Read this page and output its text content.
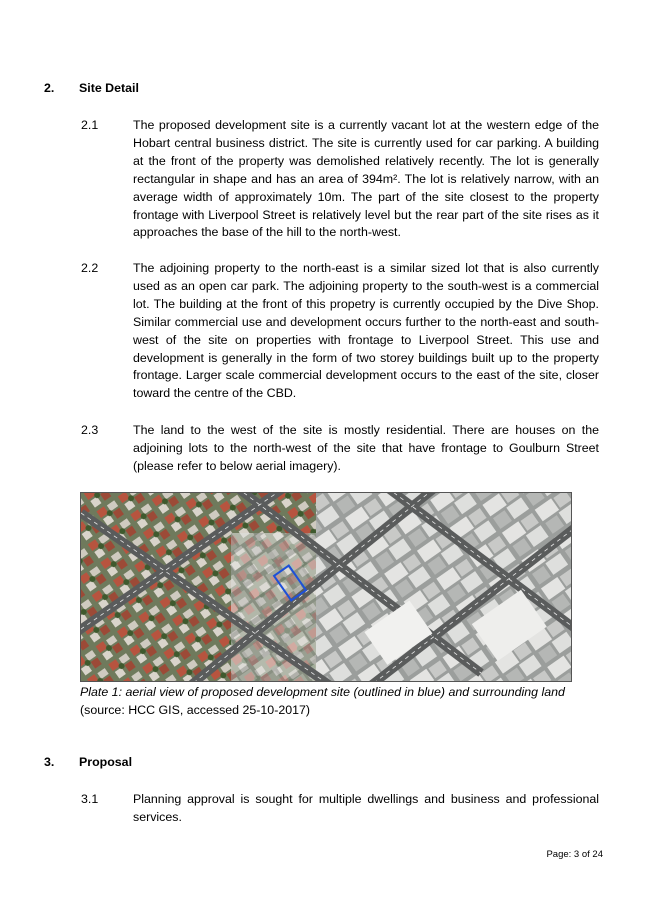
2. Site Detail
2.1	The proposed development site is a currently vacant lot at the western edge of the Hobart central business district. The site is currently used for car parking. A building at the front of the property was demolished relatively recently. The lot is generally rectangular in shape and has an area of 394m². The lot is relatively narrow, with an average width of approximately 10m. The part of the site closest to the property frontage with Liverpool Street is relatively level but the rear part of the site rises as it approaches the base of the hill to the north-west.
2.2	The adjoining property to the north-east is a similar sized lot that is also currently used as an open car park. The adjoining property to the south-west is a commercial lot. The building at the front of this propetry is currently occupied by the Dive Shop. Similar commercial use and development occurs further to the north-east and south-west of the site on properties with frontage to Liverpool Street. This use and development is generally in the form of two storey buildings built up to the property frontage. Larger scale commercial development occurs to the east of the site, closer toward the centre of the CBD.
2.3	The land to the west of the site is mostly residential. There are houses on the adjoining lots to the north-west of the site that have frontage to Goulburn Street (please refer to below aerial imagery).
Plate 1: aerial view of proposed development site (outlined in blue) and surrounding land
(source: HCC GIS, accessed 25-10-2017)
3. Proposal
3.1	Planning approval is sought for multiple dwellings and business and professional services.
Page: 3 of 24
